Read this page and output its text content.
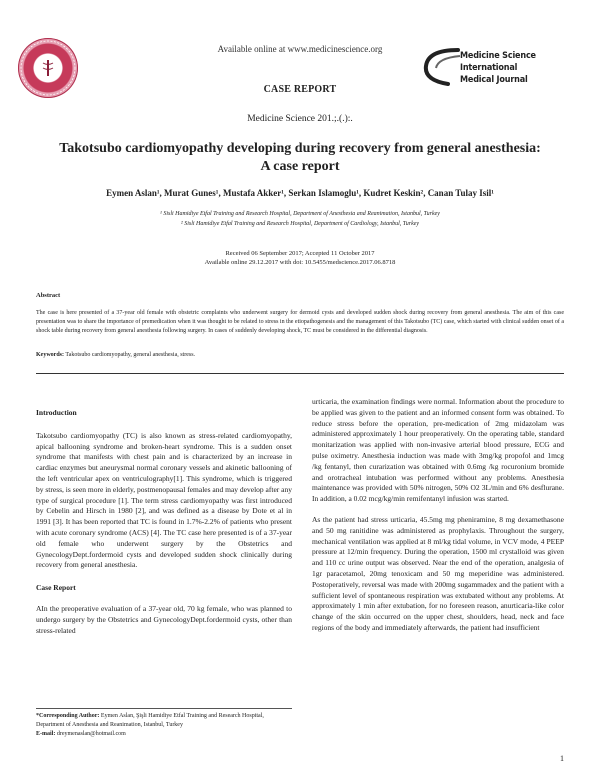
Available online at www.medicinescience.org
Medicine Science
International
Medical Journal
CASE REPORT
Medicine Science 201.;.(.):.
Takotsubo cardiomyopathy developing during recovery from general anesthesia:
A case report
Eymen Aslan¹, Murat Gunes¹, Mustafa Akker¹, Serkan Islamoglu¹, Kudret Keskin², Canan Tulay Isil¹
¹ Sisli Hamidiye Etfal Training and Research Hospital, Department of Anesthesia and Reanimation, Istanbul, Turkey
² Sisli Hamidiye Etfal Training and Research Hospital, Department of Cardiology, Istanbul, Turkey
Received 06 September 2017; Accepted 11 October 2017
Available online 29.12.2017 with doi: 10.5455/medscience.2017.06.8718
Abstract
The case is here presented of a 37-year old female with obstetric complaints who underwent surgery for dermoid cysts and developed sudden shock during recovery from general anesthesia. The aim of this case presentation was to share the importance of premedication when it was thought to be related to stress in the etiopathogenesis and the management of this Takotsubo (TC) case, which started with clinical sudden onset of a shock table during recovery from general anesthesia following surgery. In cases of suddenly developing shock, TC must be considered in the differential diagnosis.
Keywords: Takotsubo cardiomyopathy, general anesthesia, stress.

Introduction

Takotsubo cardiomyopathy (TC) is also known as stress-related cardiomyopathy, apical ballooning syndrome and broken-heart syndrome. This is a sudden onset syndrome that manifests with chest pain and is characterized by an increase in cardiac enzymes but aneurysmal normal coronary vessels and akinetic ballooning of the left ventricular apex on ventriculography[1]. This syndrome, which is triggered by stress, is seen more in elderly, postmenopausal females and may develop after any type of surgical procedure [1]. The term stress cardiomyopathy was first introduced by Cebelin and Hirsch in 1980 [2], and was defined as a disease by Dote et al in 1991 [3]. It has been reported that TC is found in 1.7%-2.2% of patients who present with acute coronary syndrome (ACS) [4]. The TC case here presented is of a 37-year old female who underwent surgery by the Obstetrics and GynecologyDept.fordermoid cysts and developed sudden shock clinically during recovery from general anesthesia.

Case Report

AIn the preoperative evaluation of a 37-year old, 70 kg female, who was planned to undergo surgery by the Obstetrics and GynecologyDept.fordermoid cysts, other than stress-related

urticaria, the examination findings were normal. Information about the procedure to be applied was given to the patient and an informed consent form was obtained. To reduce stress before the operation, pre-medication of 2mg midazolam was administered approximately 1 hour preoperatively. On the operating table, standard monitarization was applied with non-invasive arterial blood pressure, ECG and pulse oximetry. Anesthesia induction was made with 3mg/kg propofol and 1mcg /kg fentanyl, then curarization was obtained with 0.6mg /kg rocuronium bromide and orotracheal intubation was performed without any problems. Anesthesia maintenance was provided with 50% nitrogen, 50% O2 3L/min and 6% desflurane. In addition, a 0.02 mcg/kg/min remifentanyl infusion was started.

As the patient had stress urticaria, 45.5mg mg pheniramine, 8 mg dexamethasone and 50 mg ranitidine was administered as prophylaxis. Throughout the surgery, mechanical ventilation was applied at 8 ml/kg tidal volume, in VCV mode, 4 PEEP pressure at 12/min frequency. During the operation, 1500 ml crystalloid was given and 110 cc urine output was observed. Near the end of the operation, analgesia of 1gr paracetamol, 20mg tenoxicam and 50 mg meperidine was administered. Postoperatively, reversal was made with 200mg sugammadex and the patient with a sufficient level of spontaneous respiration was extubated without any problems. At approximately 1 min after extubation, for no foreseen reason, anurticaria-like color change of the skin occurred on the upper chest, shoulders, head, neck and face regions of the body and immediately afterwards, the patient had insufficient

*Corresponding Author: Eymen Aslan, Şişli Hamidiye Etfal Training and Research Hospital, Department of Anesthesia and Reanimation, Istanbul, Turkey
E-mail: dreymenaslan@hotmail.com
1
